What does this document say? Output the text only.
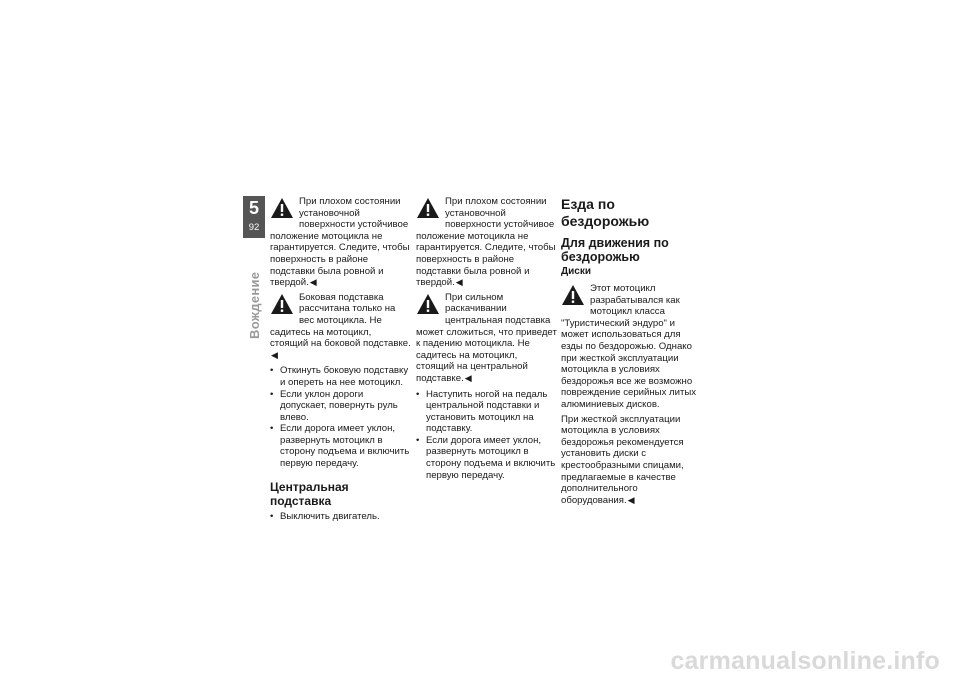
5
92
Вождение

При плохом состоянии установочной поверхности устойчивое положение мотоцикла не гарантируется. Следите, чтобы поверхность в районе подставки была ровной и твердой.◀

Боковая подставка рассчитана только на вес мотоцикла. Не садитесь на мотоцикл, стоящий на боковой подставке.◀

• Откинуть боковую подставку и опереть на нее мотоцикл.
• Если уклон дороги допускает, повернуть руль влево.
• Если дорога имеет уклон, развернуть мотоцикл в сторону подъема и включить первую передачу.
Центральная подставка
• Выключить двигатель.

При плохом состоянии установочной поверхности устойчивое положение мотоцикла не гарантируется. Следите, чтобы поверхность в районе подставки была ровной и твердой.◀

При сильном раскачивании центральная подставка может сложиться, что приведет к падению мотоцикла. Не садитесь на мотоцикл, стоящий на центральной подставке.◀

• Наступить ногой на педаль центральной подставки и установить мотоцикл на подставку.
• Если дорога имеет уклон, развернуть мотоцикл в сторону подъема и включить первую передачу.
Езда по бездорожью
Для движения по бездорожью
Диски

Этот мотоцикл разрабатывался как мотоцикл класса "Туристический эндуро" и может использоваться для езды по бездорожью. Однако при жесткой эксплуатации мотоцикла в условиях бездорожья все же возможно повреждение серийных литых алюминиевых дисков.

При жесткой эксплуатации мотоцикла в условиях бездорожья рекомендуется установить диски с крестообразными спицами, предлагаемые в качестве дополнительного оборудования.◀

carmanualsonline.info
